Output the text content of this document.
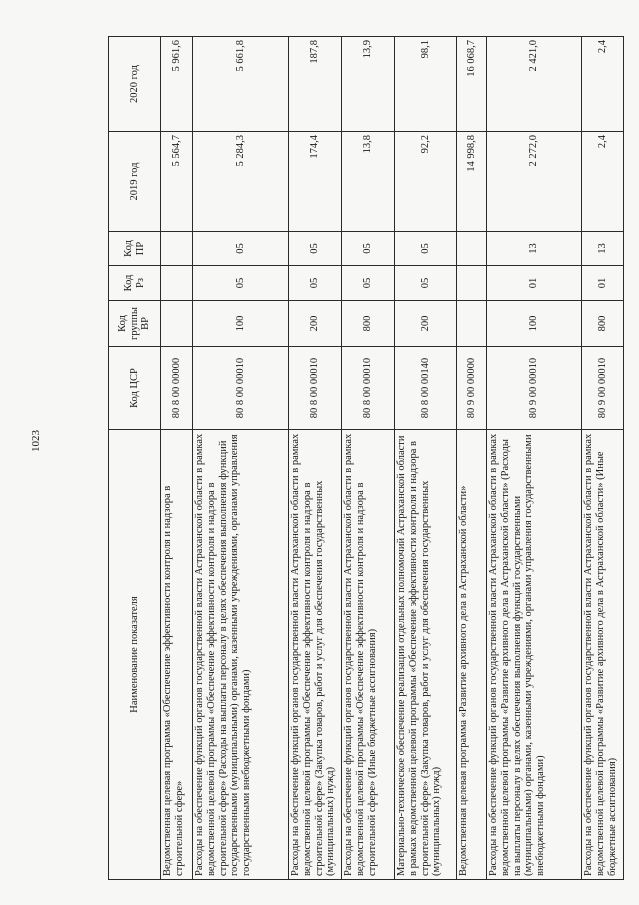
1023
Наименование показателя	Код ЦСР	Код группы ВР	Код Рз	Код ПР	2019 год	2020 год
Ведомственная целевая программа «Обеспечение эффективности контроля и надзора в строительной сфере»	80 8 00 00000				5 564,7	5 961,6
Расходы на обеспечение функций органов государственной власти Астраханской области в рамках ведомственной целевой программы «Обеспечение эффективности контроля и надзора в строительной сфере» (Расходы на выплаты персоналу в целях обеспечения выполнения функций государственными (муниципальными) органами, казенными учреждениями, органами управления государственными внебюджетными фондами)	80 8 00 00010	100	05	05	5 284,3	5 661,8
Расходы на обеспечение функций органов государственной власти Астраханской области в рамках ведомственной целевой программы «Обеспечение эффективности контроля и надзора в строительной сфере» (Закупка товаров, работ и услуг для обеспечения государственных (муниципальных) нужд)	80 8 00 00010	200	05	05	174,4	187,8
Расходы на обеспечение функций органов государственной власти Астраханской области в рамках ведомственной целевой программы «Обеспечение эффективности контроля и надзора в строительной сфере» (Иные бюджетные ассигнования)	80 8 00 00010	800	05	05	13,8	13,9
Материально-техническое обеспечение реализации отдельных полномочий Астраханской области в рамках ведомственной целевой программы «Обеспечение эффективности контроля и надзора в строительной сфере» (Закупка товаров, работ и услуг для обеспечения государственных (муниципальных) нужд)	80 8 00 00140	200	05	05	92,2	98,1
Ведомственная целевая программа «Развитие архивного дела в Астраханской области»	80 9 00 00000				14 998,8	16 068,7
Расходы на обеспечение функций органов государственной власти Астраханской области в рамках ведомственной целевой программы «Развитие архивного дела в Астраханской области» (Расходы на выплаты персоналу в целях обеспечения выполнения функций государственными (муниципальными) органами, казенными учреждениями, органами управления государственными внебюджетными фондами)	80 9 00 00010	100	01	13	2 272,0	2 421,0
Расходы на обеспечение функций органов государственной власти Астраханской области в рамках ведомственной целевой программы «Развитие архивного дела в Астраханской области» (Иные бюджетные ассигнования)	80 9 00 00010	800	01	13	2,4	2,4
